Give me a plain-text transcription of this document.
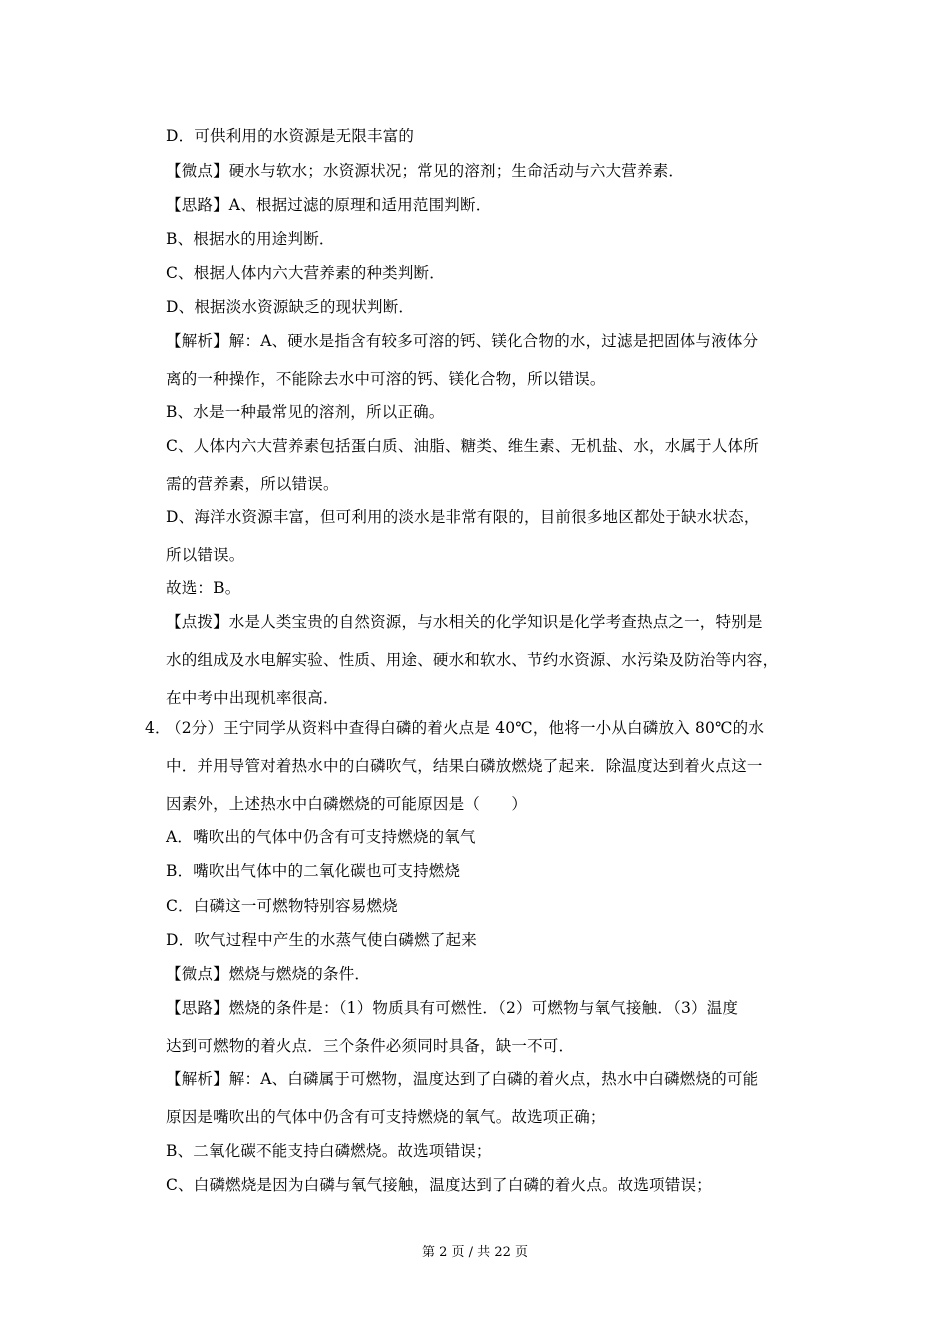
D．可供利用的水资源是无限丰富的
【微点】硬水与软水；水资源状况；常见的溶剂；生命活动与六大营养素．
【思路】A、根据过滤的原理和适用范围判断．
B、根据水的用途判断．
C、根据人体内六大营养素的种类判断．
D、根据淡水资源缺乏的现状判断．
【解析】解：A、硬水是指含有较多可溶的钙、镁化合物的水，过滤是把固体与液体分
离的一种操作，不能除去水中可溶的钙、镁化合物，所以错误。
B、水是一种最常见的溶剂，所以正确。
C、人体内六大营养素包括蛋白质、油脂、糖类、维生素、无机盐、水，水属于人体所
需的营养素，所以错误。
D、海洋水资源丰富，但可利用的淡水是非常有限的，目前很多地区都处于缺水状态，
所以错误。
故选：B。
【点拨】水是人类宝贵的自然资源，与水相关的化学知识是化学考查热点之一，特别是
水的组成及水电解实验、性质、用途、硬水和软水、节约水资源、水污染及防治等内容，
在中考中出现机率很高．
4．
（2分）王宁同学从资料中查得白磷的着火点是 40℃，他将一小从白磷放入 80℃的水
中．并用导管对着热水中的白磷吹气，结果白磷放燃烧了起来．除温度达到着火点这一
因素外，上述热水中白磷燃烧的可能原因是（　　）
A．嘴吹出的气体中仍含有可支持燃烧的氧气
B．嘴吹出气体中的二氧化碳也可支持燃烧
C．白磷这一可燃物特别容易燃烧
D．吹气过程中产生的水蒸气使白磷燃了起来
【微点】燃烧与燃烧的条件．
【思路】燃烧的条件是：（1）物质具有可燃性．（2）可燃物与氧气接触．（3）温度
达到可燃物的着火点．三个条件必须同时具备，缺一不可．
【解析】解：A、白磷属于可燃物，温度达到了白磷的着火点，热水中白磷燃烧的可能
原因是嘴吹出的气体中仍含有可支持燃烧的氧气。故选项正确；
B、二氧化碳不能支持白磷燃烧。故选项错误；
C、白磷燃烧是因为白磷与氧气接触，温度达到了白磷的着火点。故选项错误；
第 2 页 / 共 22 页
